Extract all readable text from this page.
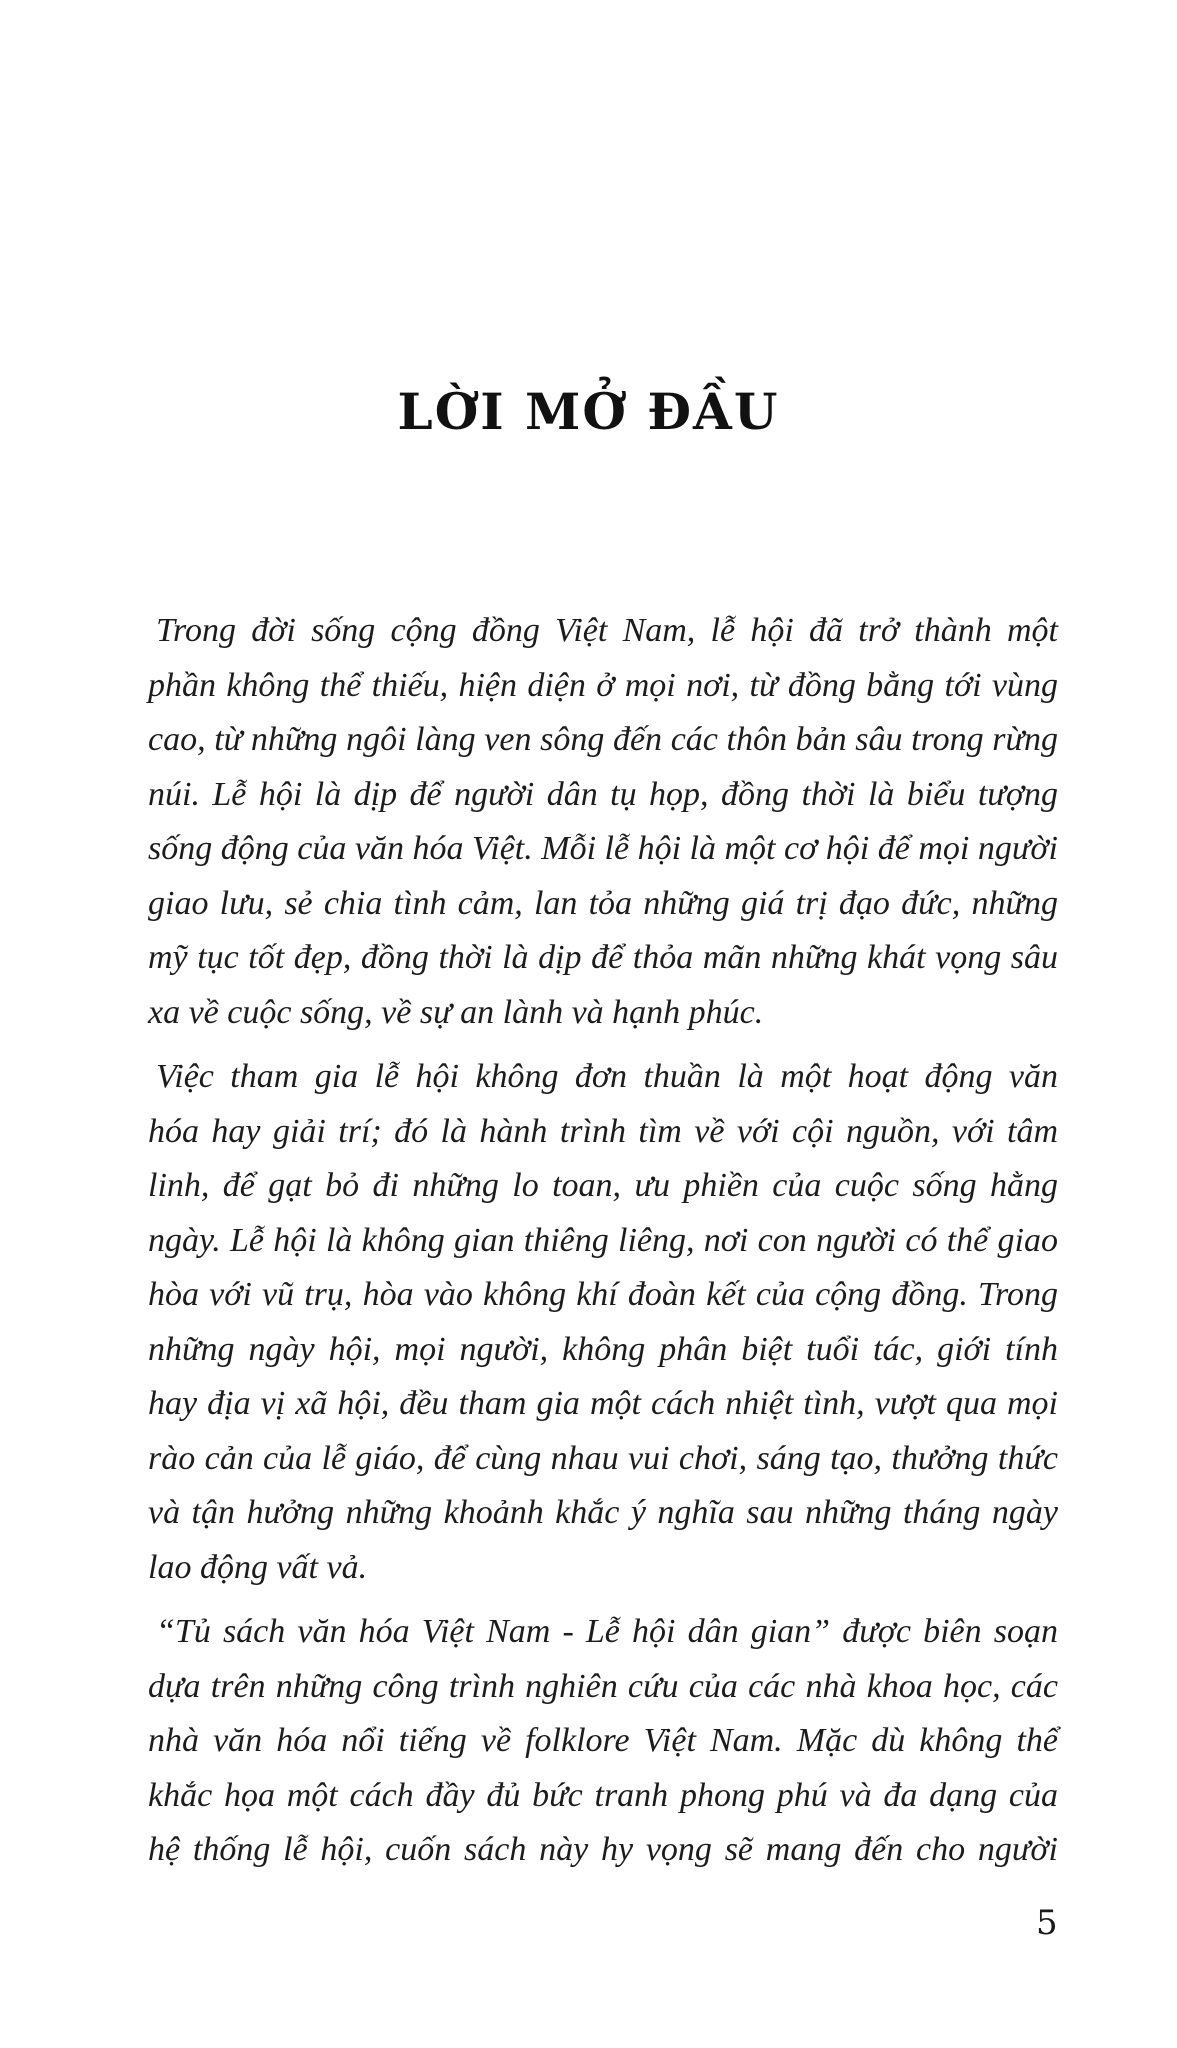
LỜI MỞ ĐẦU

Trong đời sống cộng đồng Việt Nam, lễ hội đã trở thành một
phần không thể thiếu, hiện diện ở mọi nơi, từ đồng bằng tới vùng
cao, từ những ngôi làng ven sông đến các thôn bản sâu trong rừng
núi. Lễ hội là dịp để người dân tụ họp, đồng thời là biểu tượng
sống động của văn hóa Việt. Mỗi lễ hội là một cơ hội để mọi người
giao lưu, sẻ chia tình cảm, lan tỏa những giá trị đạo đức, những
mỹ tục tốt đẹp, đồng thời là dịp để thỏa mãn những khát vọng sâu
xa về cuộc sống, về sự an lành và hạnh phúc.

Việc tham gia lễ hội không đơn thuần là một hoạt động văn
hóa hay giải trí; đó là hành trình tìm về với cội nguồn, với tâm
linh, để gạt bỏ đi những lo toan, ưu phiền của cuộc sống hằng
ngày. Lễ hội là không gian thiêng liêng, nơi con người có thể giao
hòa với vũ trụ, hòa vào không khí đoàn kết của cộng đồng. Trong
những ngày hội, mọi người, không phân biệt tuổi tác, giới tính
hay địa vị xã hội, đều tham gia một cách nhiệt tình, vượt qua mọi
rào cản của lễ giáo, để cùng nhau vui chơi, sáng tạo, thưởng thức
và tận hưởng những khoảnh khắc ý nghĩa sau những tháng ngày
lao động vất vả.

“Tủ sách văn hóa Việt Nam - Lễ hội dân gian” được biên soạn
dựa trên những công trình nghiên cứu của các nhà khoa học, các
nhà văn hóa nổi tiếng về folklore Việt Nam. Mặc dù không thể
khắc họa một cách đầy đủ bức tranh phong phú và đa dạng của
hệ thống lễ hội, cuốn sách này hy vọng sẽ mang đến cho người

5
